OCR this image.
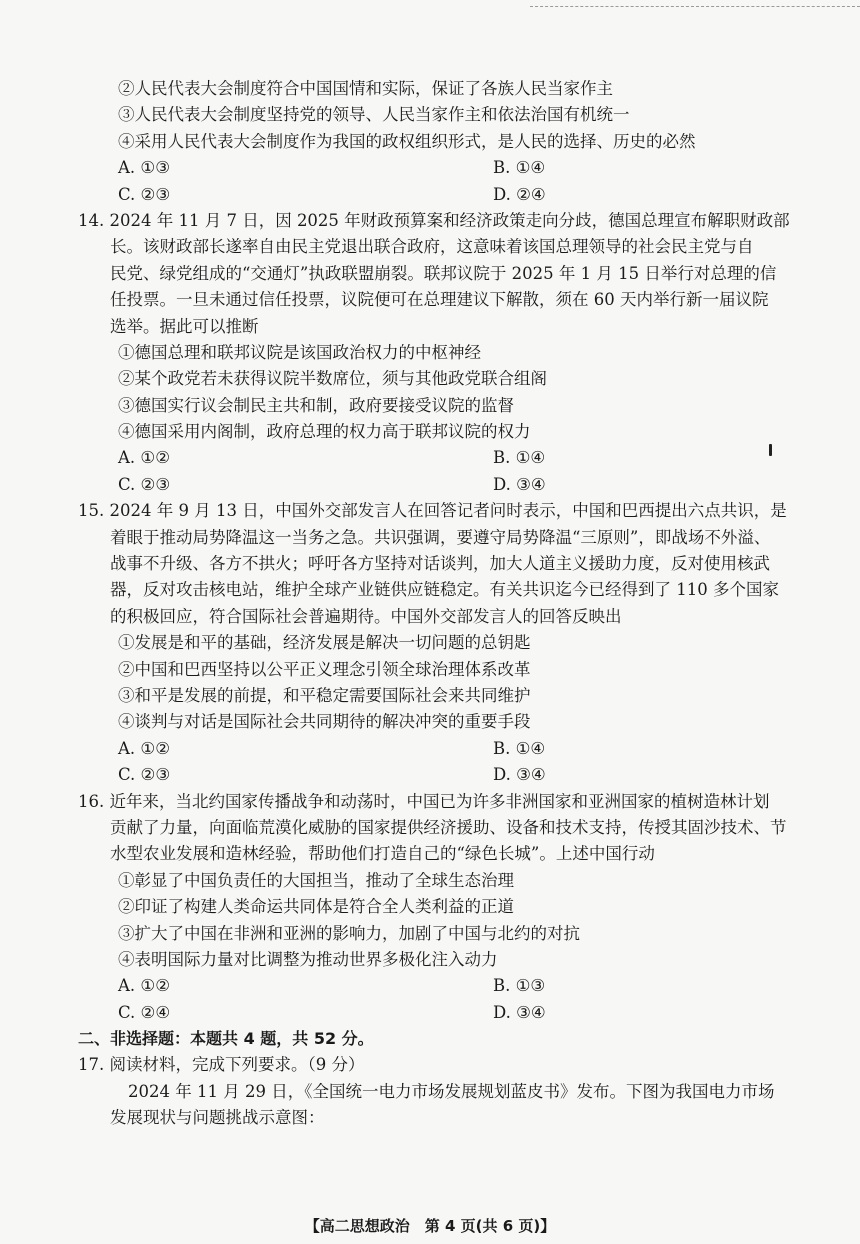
②人民代表大会制度符合中国国情和实际，保证了各族人民当家作主
③人民代表大会制度坚持党的领导、人民当家作主和依法治国有机统一
④采用人民代表大会制度作为我国的政权组织形式，是人民的选择、历史的必然
A. ①③	B. ①④
C. ②③	D. ②④
14. 2024 年 11 月 7 日，因 2025 年财政预算案和经济政策走向分歧，德国总理宣布解职财政部
长。该财政部长遂率自由民主党退出联合政府，这意味着该国总理领导的社会民主党与自
民党、绿党组成的“交通灯”执政联盟崩裂。联邦议院于 2025 年 1 月 15 日举行对总理的信
任投票。一旦未通过信任投票，议院便可在总理建议下解散，须在 60 天内举行新一届议院
选举。据此可以推断
①德国总理和联邦议院是该国政治权力的中枢神经
②某个政党若未获得议院半数席位，须与其他政党联合组阁
③德国实行议会制民主共和制，政府要接受议院的监督
④德国采用内阁制，政府总理的权力高于联邦议院的权力
A. ①②	B. ①④
C. ②③	D. ③④
15. 2024 年 9 月 13 日，中国外交部发言人在回答记者问时表示，中国和巴西提出六点共识，是
着眼于推动局势降温这一当务之急。共识强调，要遵守局势降温“三原则”，即战场不外溢、
战事不升级、各方不拱火；呼吁各方坚持对话谈判，加大人道主义援助力度，反对使用核武
器，反对攻击核电站，维护全球产业链供应链稳定。有关共识迄今已经得到了 110 多个国家
的积极回应，符合国际社会普遍期待。中国外交部发言人的回答反映出
①发展是和平的基础，经济发展是解决一切问题的总钥匙
②中国和巴西坚持以公平正义理念引领全球治理体系改革
③和平是发展的前提，和平稳定需要国际社会来共同维护
④谈判与对话是国际社会共同期待的解决冲突的重要手段
A. ①②	B. ①④
C. ②③	D. ③④
16. 近年来，当北约国家传播战争和动荡时，中国已为许多非洲国家和亚洲国家的植树造林计划
贡献了力量，向面临荒漠化威胁的国家提供经济援助、设备和技术支持，传授其固沙技术、节
水型农业发展和造林经验，帮助他们打造自己的“绿色长城”。上述中国行动
①彰显了中国负责任的大国担当，推动了全球生态治理
②印证了构建人类命运共同体是符合全人类利益的正道
③扩大了中国在非洲和亚洲的影响力，加剧了中国与北约的对抗
④表明国际力量对比调整为推动世界多极化注入动力
A. ①②	B. ①③
C. ②④	D. ③④
二、非选择题：本题共 4 题，共 52 分。
17. 阅读材料，完成下列要求。（9 分）
2024 年 11 月 29 日，《全国统一电力市场发展规划蓝皮书》发布。下图为我国电力市场
发展现状与问题挑战示意图：
【高二思想政治　第 4 页(共 6 页)】
